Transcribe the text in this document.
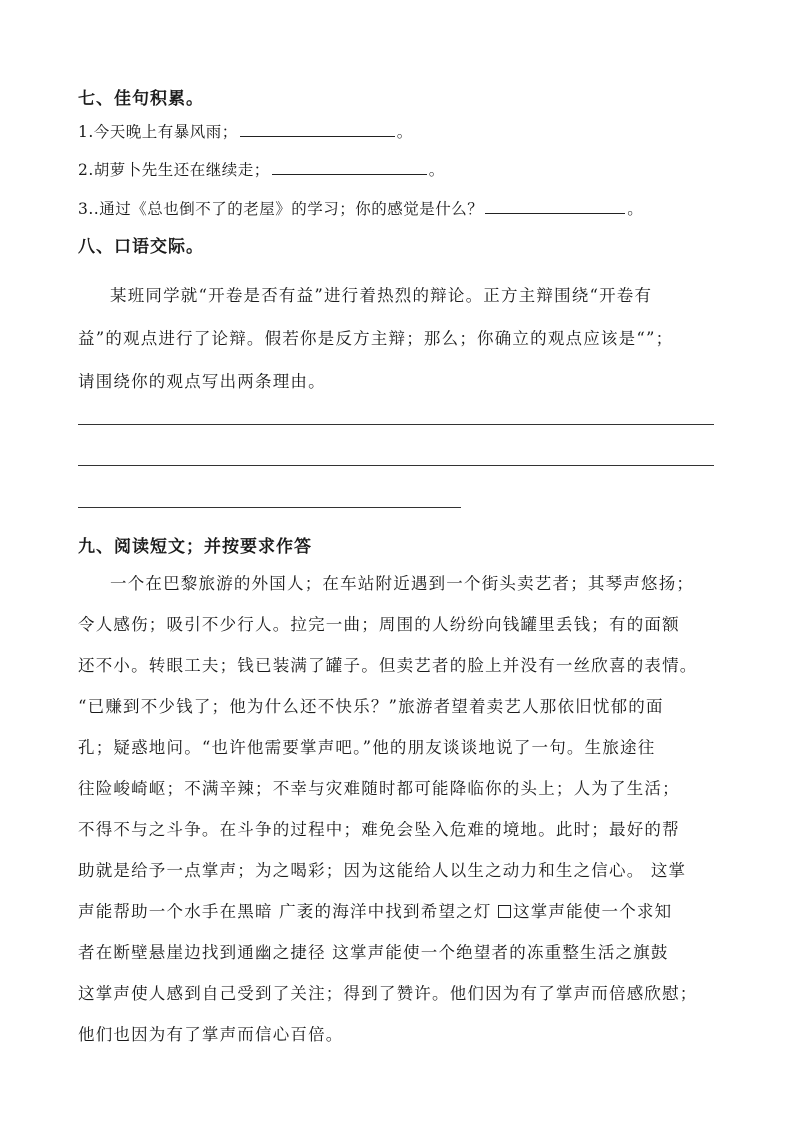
七、佳句积累。
1.今天晚上有暴风雨；	。
2.胡萝卜先生还在继续走；	。
3..通过《总也倒不了的老屋》的学习；你的感觉是什么？	。
八、口语交际。
某班同学就“开卷是否有益”进行着热烈的辩论。正方主辩围绕“开卷有
益”的观点进行了论辩。假若你是反方主辩；那么；你确立的观点应该是“”；
请围绕你的观点写出两条理由。
九、阅读短文；并按要求作答
一个在巴黎旅游的外国人；在车站附近遇到一个街头卖艺者；其琴声悠扬；
令人感伤；吸引不少行人。拉完一曲；周围的人纷纷向钱罐里丢钱；有的面额
还不小。转眼工夫；钱已装满了罐子。但卖艺者的脸上并没有一丝欣喜的表情。
“已赚到不少钱了；他为什么还不快乐？”旅游者望着卖艺人那依旧忧郁的面
孔；疑惑地问。“也许他需要掌声吧。”他的朋友谈谈地说了一句。生旅途往
往险峻崎岖；不满辛辣；不幸与灾难随时都可能降临你的头上；人为了生活；
不得不与之斗争。在斗争的过程中；难免会坠入危难的境地。此时；最好的帮
助就是给予一点掌声；为之喝彩；因为这能给人以生之动力和生之信心。 这掌
声能帮助一个水手在黑暗 广袤的海洋中找到希望之灯 这掌声能使一个求知
者在断壁悬崖边找到通幽之捷径 这掌声能使一个绝望者的冻重整生活之旗鼓
这掌声使人感到自己受到了关注；得到了赞许。他们因为有了掌声而倍感欣慰；
他们也因为有了掌声而信心百倍。
